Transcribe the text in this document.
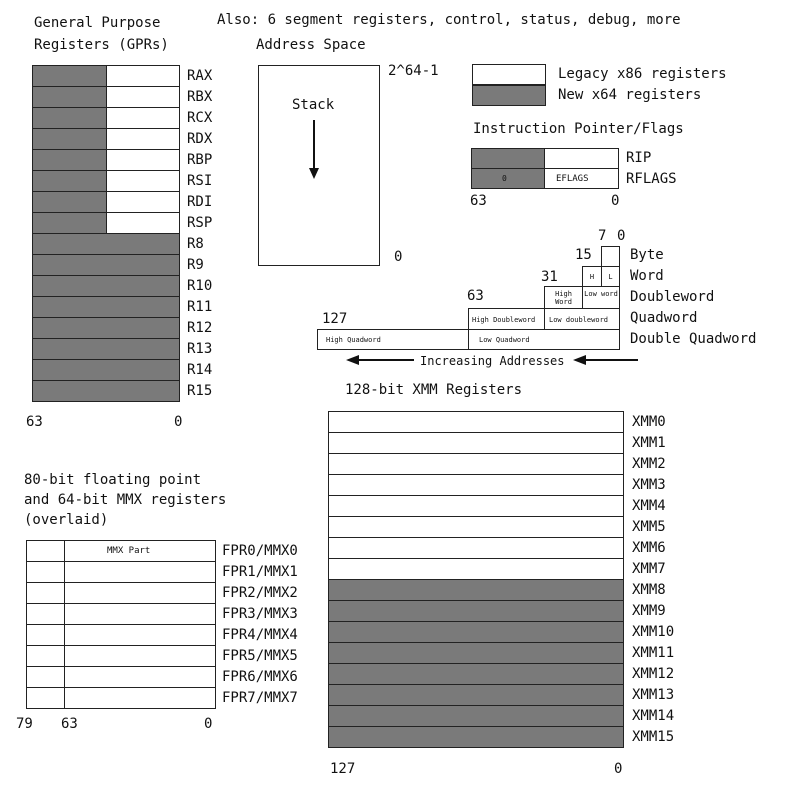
Also: 6 segment registers, control, status, debug, more
General Purpose
Registers (GPRs)
RAX
RBX
RCX
RDX
RBP
RSI
RDI
RSP
R8
R9
R10
R11
R12
R13
R14
R15
63	0
Address Space
2^64-1
0
Stack
Legacy x86 registers
New x64 registers
Instruction Pointer/Flags
0	EFLAGS
RIP
RFLAGS
63	0
7 0
15
31
63
127
H	L
High Word
Low word
High Doubleword Low doubleword
High Quadword	Low Quadword
Byte
Word
Doubleword
Quadword
Double Quadword
Increasing Addresses
128-bit XMM Registers
XMM0
XMM1
XMM2
XMM3
XMM4
XMM5
XMM6
XMM7
XMM8
XMM9
XMM10
XMM11
XMM12
XMM13
XMM14
XMM15
127	0
80-bit floating point
and 64-bit MMX registers
(overlaid)
MMX Part	FPR0/MMX0
FPR1/MMX1
FPR2/MMX2
FPR3/MMX3
FPR4/MMX4
FPR5/MMX5
FPR6/MMX6
FPR7/MMX7
79 63	0
